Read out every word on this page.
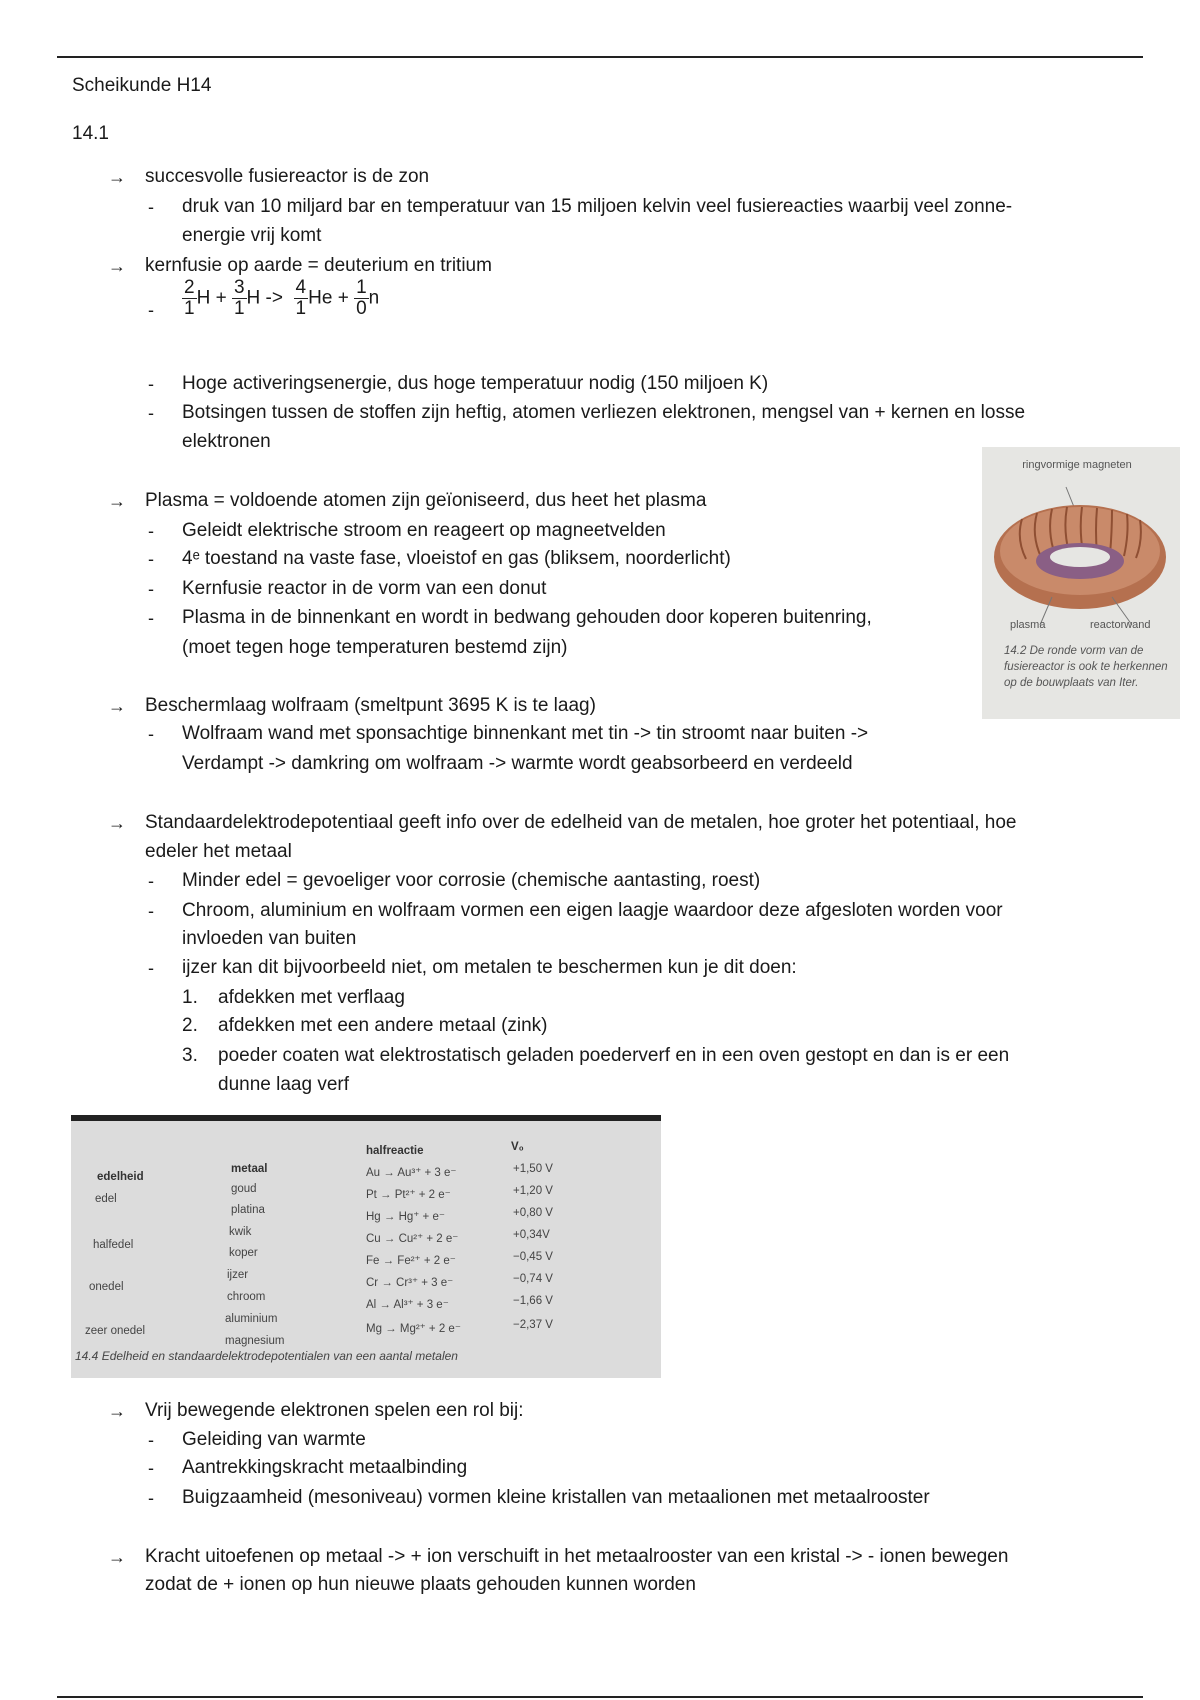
Scheikunde H14
14.1
→ succesvolle fusiereactor is de zon
- druk van 10 miljard bar en temperatuur van 15 miljoen kelvin veel fusiereacties waarbij veel zonne-
energie vrij komt
→ kernfusie op aarde = deuterium en tritium
- $\frac{2}{1}$ $H + \frac{3}{1}$ $H -> \frac{4}{1}$ $He + \frac{1}{0}$ n
- Hoge activeringsenergie, dus hoge temperatuur nodig (150 miljoen K)
- Botsingen tussen de stoffen zijn heftig, atomen verliezen elektronen, mengsel van + kernen en losse
elektronen
→ Plasma = voldoende atomen zijn geïoniseerd, dus heet het plasma
- Geleidt elektrische stroom en reageert op magneetvelden
- 4ᵉ toestand na vaste fase, vloeistof en gas (bliksem, noorderlicht)
- Kernfusie reactor in de vorm van een donut
- Plasma in de binnenkant en wordt in bedwang gehouden door koperen buitenring,
(moet tegen hoge temperaturen bestemd zijn)
ringvormige magneten
plasma	reactorwand
14.2 De ronde vorm van de fusiereactor is ook te herkennen op de bouwplaats van Iter.
→ Beschermlaag wolfraam (smeltpunt 3695 K is te laag)
- Wolfraam wand met sponsachtige binnenkant met tin -> tin stroomt naar buiten ->
Verdampt -> damkring om wolfraam -> warmte wordt geabsorbeerd en verdeeld
→ Standaardelektrodepotentiaal geeft info over de edelheid van de metalen, hoe groter het potentiaal, hoe
edeler het metaal
- Minder edel = gevoeliger voor corrosie (chemische aantasting, roest)
- Chroom, aluminium en wolfraam vormen een eigen laagje waardoor deze afgesloten worden voor
invloeden van buiten
- ijzer kan dit bijvoorbeeld niet, om metalen te beschermen kun je dit doen:
1. afdekken met verflaag
2. afdekken met een andere metaal (zink)
3. poeder coaten wat elektrostatisch geladen poederverf en in een oven gestopt en dan is er een
dunne laag verf
edelheid
metaal
halfreactie	V₀
edel
halfedel
onedel
zeer onedel
goud
platina
kwik
koper
ijzer
chroom
aluminium
magnesium
Au → Au³⁺ + 3 e⁻
Pt → Pt²⁺ + 2 e⁻
Hg → Hg⁺ + e⁻
Cu → Cu²⁺ + 2 e⁻
Fe → Fe²⁺ + 2 e⁻
Cr → Cr³⁺ + 3 e⁻
Al → Al³⁺ + 3 e⁻
Mg → Mg²⁺ + 2 e⁻
+1,50 V
+1,20 V
+0,80 V
+0,34V
−0,45 V
−0,74 V
−1,66 V
−2,37 V
14.4 Edelheid en standaardelektrodepotentialen van een aantal metalen
→ Vrij bewegende elektronen spelen een rol bij:
- Geleiding van warmte
- Aantrekkingskracht metaalbinding
- Buigzaamheid (mesoniveau) vormen kleine kristallen van metaalionen met metaalrooster
→ Kracht uitoefenen op metaal -> + ion verschuift in het metaalrooster van een kristal -> - ionen bewegen
zodat de + ionen op hun nieuwe plaats gehouden kunnen worden
